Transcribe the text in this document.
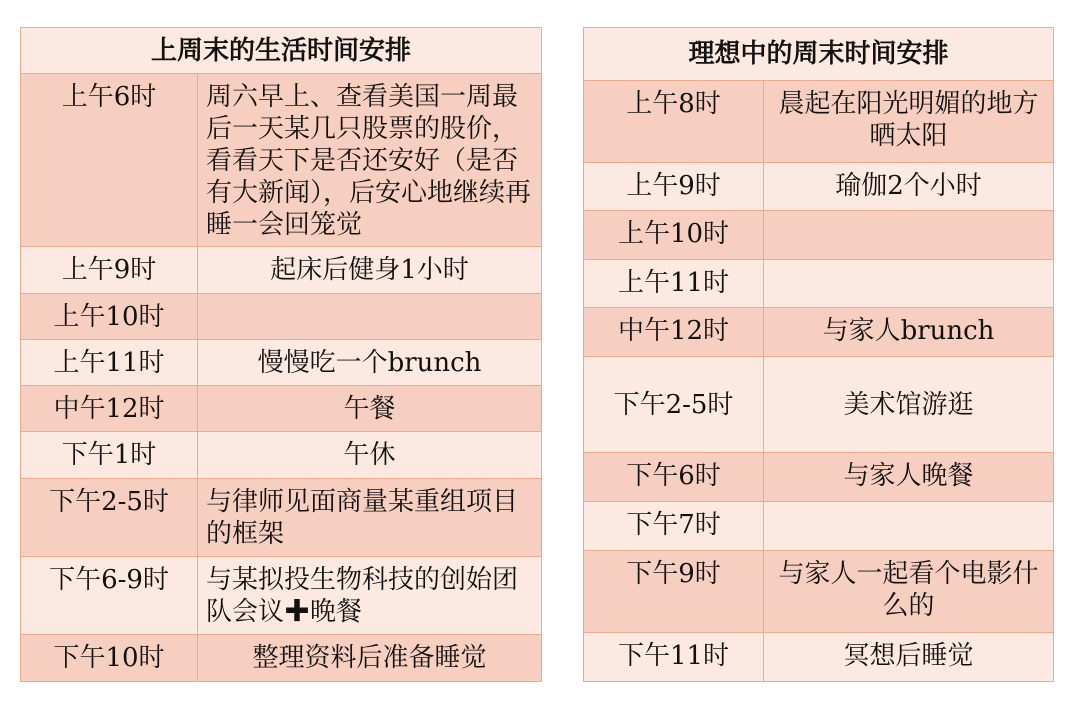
上周末的生活时间安排	
上午6时	周六早上、查看美国一周最后一天某几只股票的股价，看看天下是否还安好（是否有大新闻），后安心地继续再睡一会回笼觉
上午9时	起床后健身1小时
上午10时	
上午11时	慢慢吃一个brunch
中午12时	午餐
下午1时	午休
下午2-5时	与律师见面商量某重组项目的框架
下午6-9时	与某拟投生物科技的创始团队会议✚晚餐
下午10时	整理资料后准备睡觉
理想中的周末时间安排	
上午8时	晨起在阳光明媚的地方晒太阳
上午9时	瑜伽2个小时
上午10时	
上午11时	
中午12时	与家人brunch
下午2-5时	美术馆游逛
下午6时	与家人晚餐
下午7时	
下午9时	与家人一起看个电影什么的
下午11时	冥想后睡觉
